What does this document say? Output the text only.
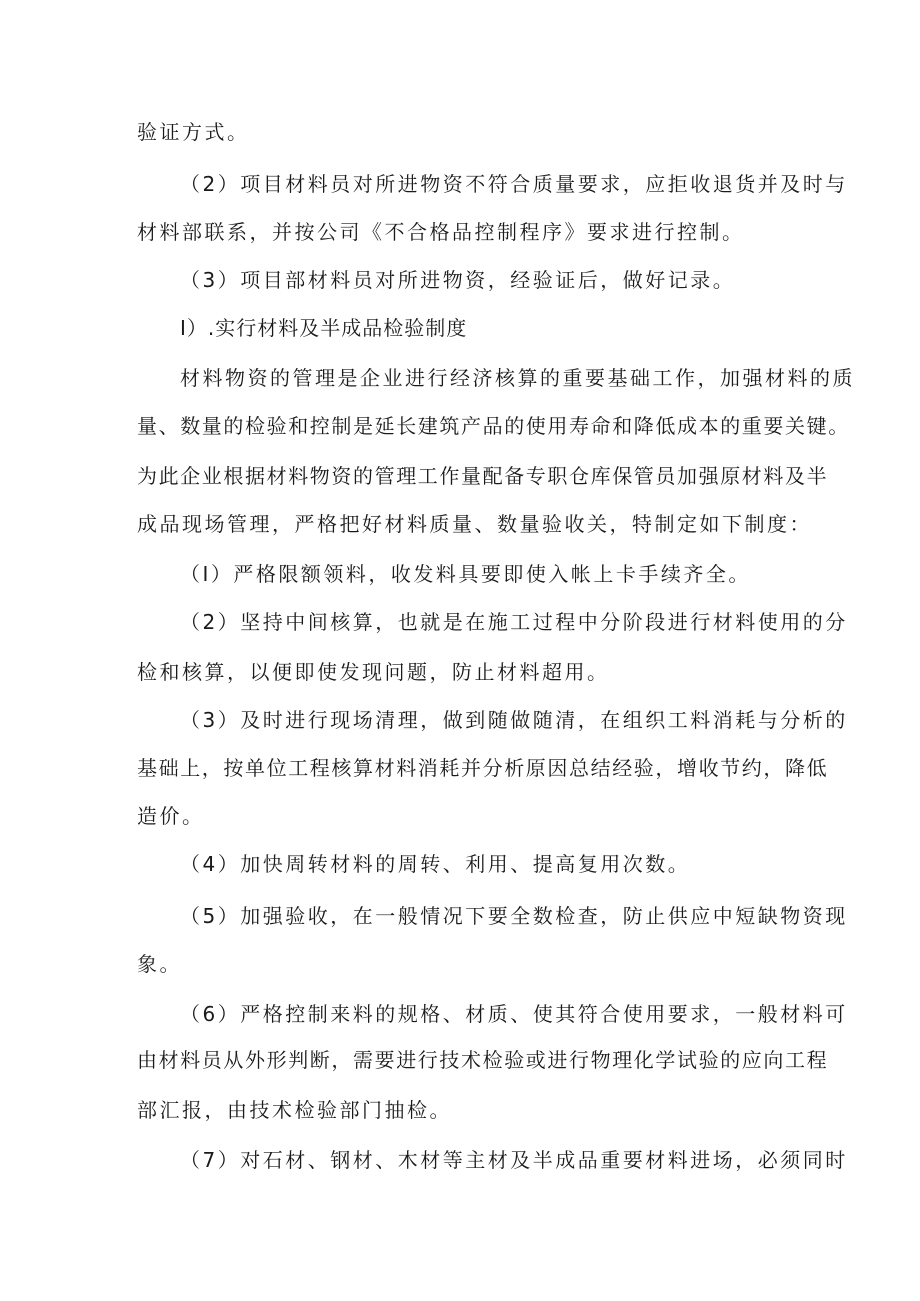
验证方式。
（2）项目材料员对所进物资不符合质量要求，应拒收退货并及时与
材料部联系，并按公司《不合格品控制程序》要求进行控制。
（3）项目部材料员对所进物资，经验证后，做好记录。
I）.实行材料及半成品检验制度
材料物资的管理是企业进行经济核算的重要基础工作，加强材料的质
量、数量的检验和控制是延长建筑产品的使用寿命和降低成本的重要关键。
为此企业根据材料物资的管理工作量配备专职仓库保管员加强原材料及半
成品现场管理，严格把好材料质量、数量验收关，特制定如下制度：
（I）严格限额领料，收发料具要即使入帐上卡手续齐全。
（2）坚持中间核算，也就是在施工过程中分阶段进行材料使用的分
检和核算，以便即使发现问题，防止材料超用。
（3）及时进行现场清理，做到随做随清，在组织工料消耗与分析的
基础上，按单位工程核算材料消耗并分析原因总结经验，增收节约，降低
造价。
（4）加快周转材料的周转、利用、提高复用次数。
（5）加强验收，在一般情况下要全数检查，防止供应中短缺物资现
象。
（6）严格控制来料的规格、材质、使其符合使用要求，一般材料可
由材料员从外形判断，需要进行技术检验或进行物理化学试验的应向工程
部汇报，由技术检验部门抽检。
（7）对石材、钢材、木材等主材及半成品重要材料进场，必须同时
